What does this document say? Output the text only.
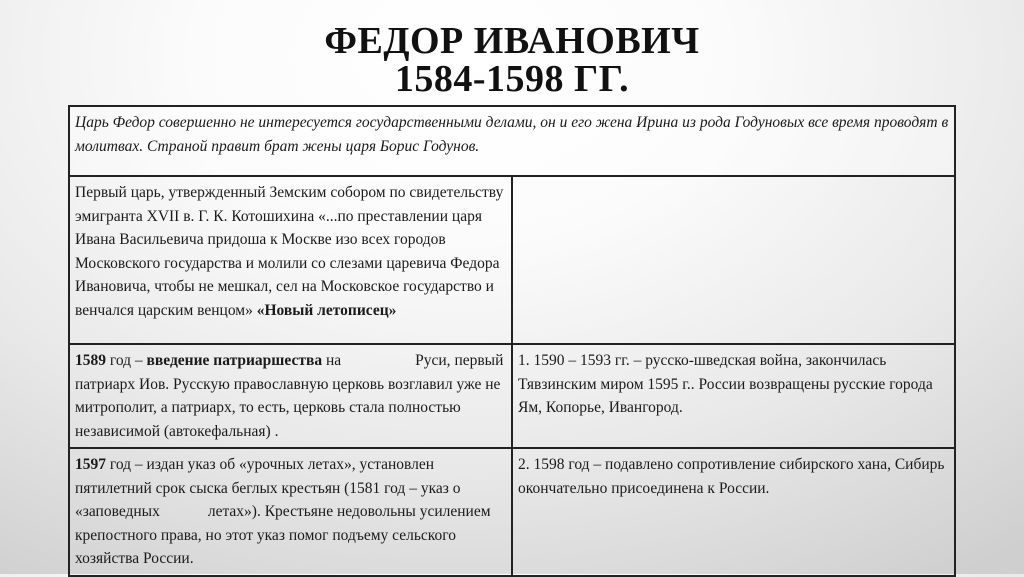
ФЕДОР ИВАНОВИЧ
1584-1598 ГГ.
Царь Федор совершенно не интересуется государственными делами, он и его жена Ирина из рода Годуновых все время проводят в молитвах. Страной правит брат жены царя Борис Годунов.	
Первый царь, утвержденный Земским собором по свидетельству эмигранта XVII в. Г. К. Котошихина «...по преставлении царя Ивана Васильевича придоша к Москве изо всех городов Московского государства и молили со слезами царевича Федора Ивановича, чтобы не мешкал, сел на Московское государство и венчался царским венцом» «Новый летописец»	
1589 год – введение патриаршества на Руси, первый патриарх Иов. Русскую православную церковь возглавил уже не митрополит, а патриарх, то есть, церковь стала полностью независимой (автокефальная) .	1. 1590 – 1593 гг. – русско-шведская война, закончилась Тявзинским миром 1595 г.. России возвращены русские города Ям, Копорье, Ивангород.
1597 год – издан указ об «урочных летах», установлен пятилетний срок сыска беглых крестьян (1581 год – указ о «заповедных летах»). Крестьяне недовольны усилением крепостного права, но этот указ помог подъему сельского хозяйства России.	2. 1598 год – подавлено сопротивление сибирского хана, Сибирь окончательно присоединена к России.
